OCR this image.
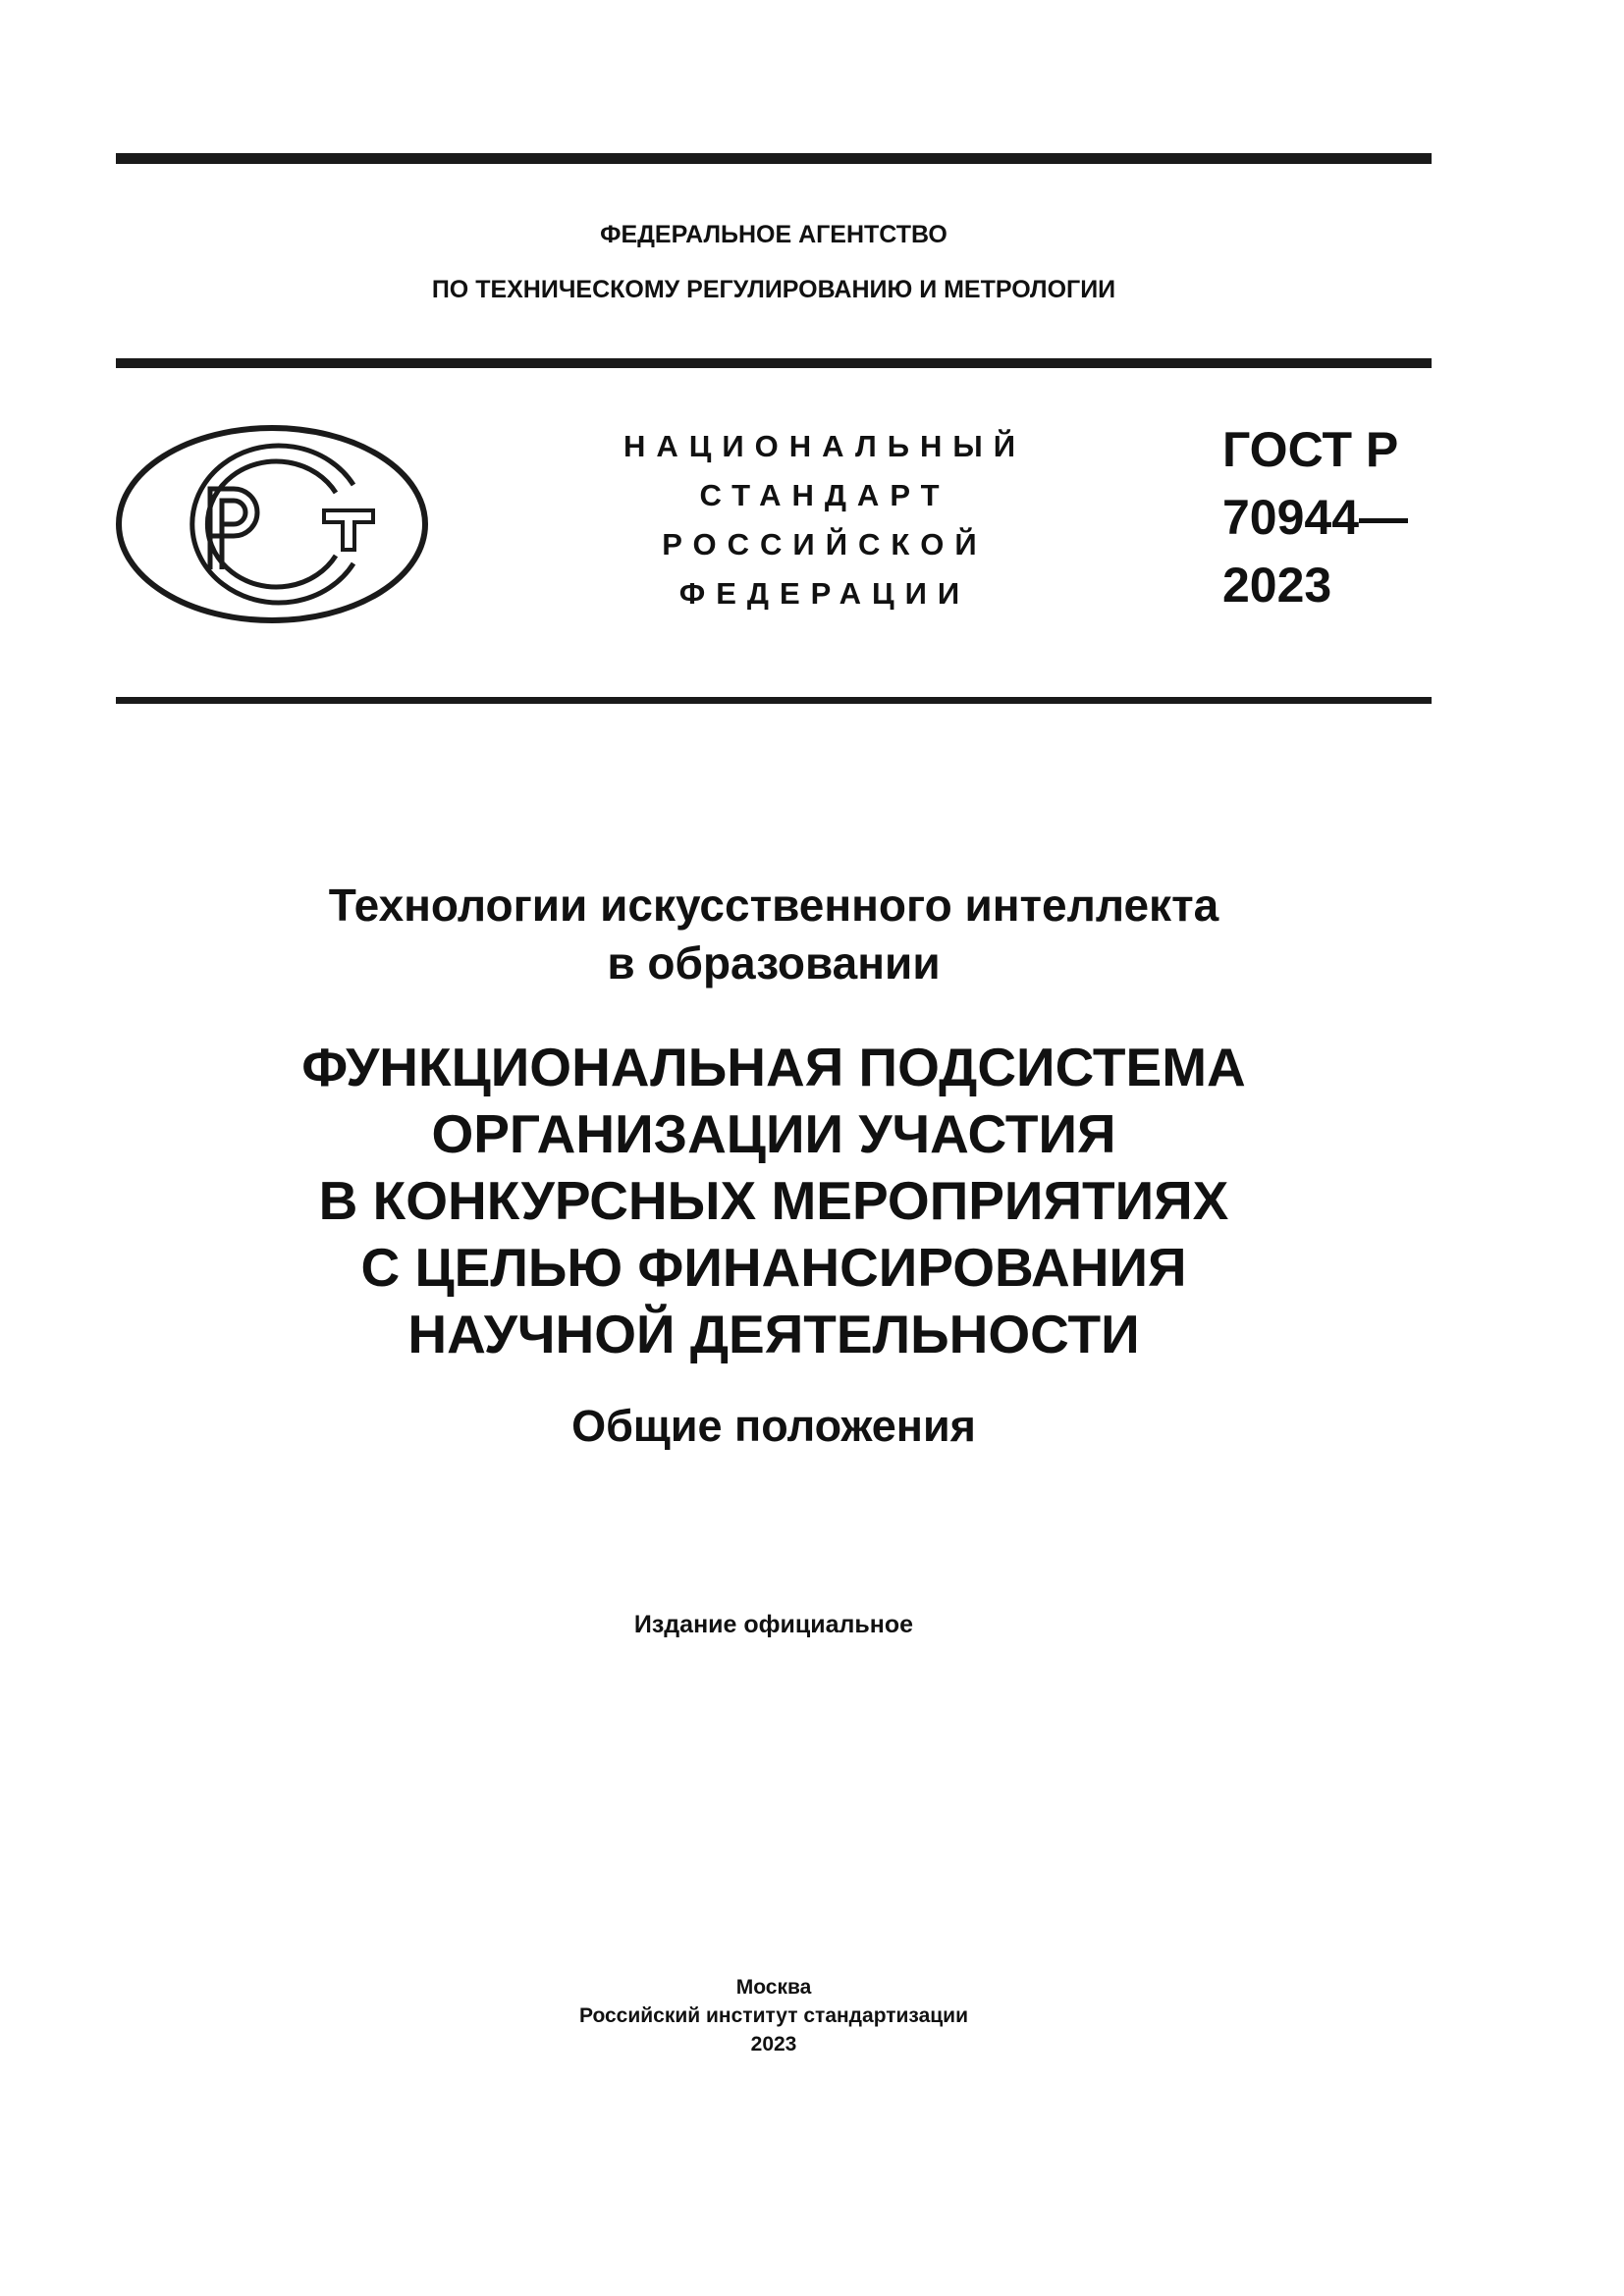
ФЕДЕРАЛЬНОЕ АГЕНТСТВО
ПО ТЕХНИЧЕСКОМУ РЕГУЛИРОВАНИЮ И МЕТРОЛОГИИ
НАЦИОНАЛЬНЫЙ
СТАНДАРТ
РОССИЙСКОЙ
ФЕДЕРАЦИИ
ГОСТ Р
70944—
2023
Технологии искусственного интеллекта
в образовании
ФУНКЦИОНАЛЬНАЯ ПОДСИСТЕМА
ОРГАНИЗАЦИИ УЧАСТИЯ
В КОНКУРСНЫХ МЕРОПРИЯТИЯХ
С ЦЕЛЬЮ ФИНАНСИРОВАНИЯ
НАУЧНОЙ ДЕЯТЕЛЬНОСТИ
Общие положения
Издание официальное
Москва
Российский институт стандартизации
2023
